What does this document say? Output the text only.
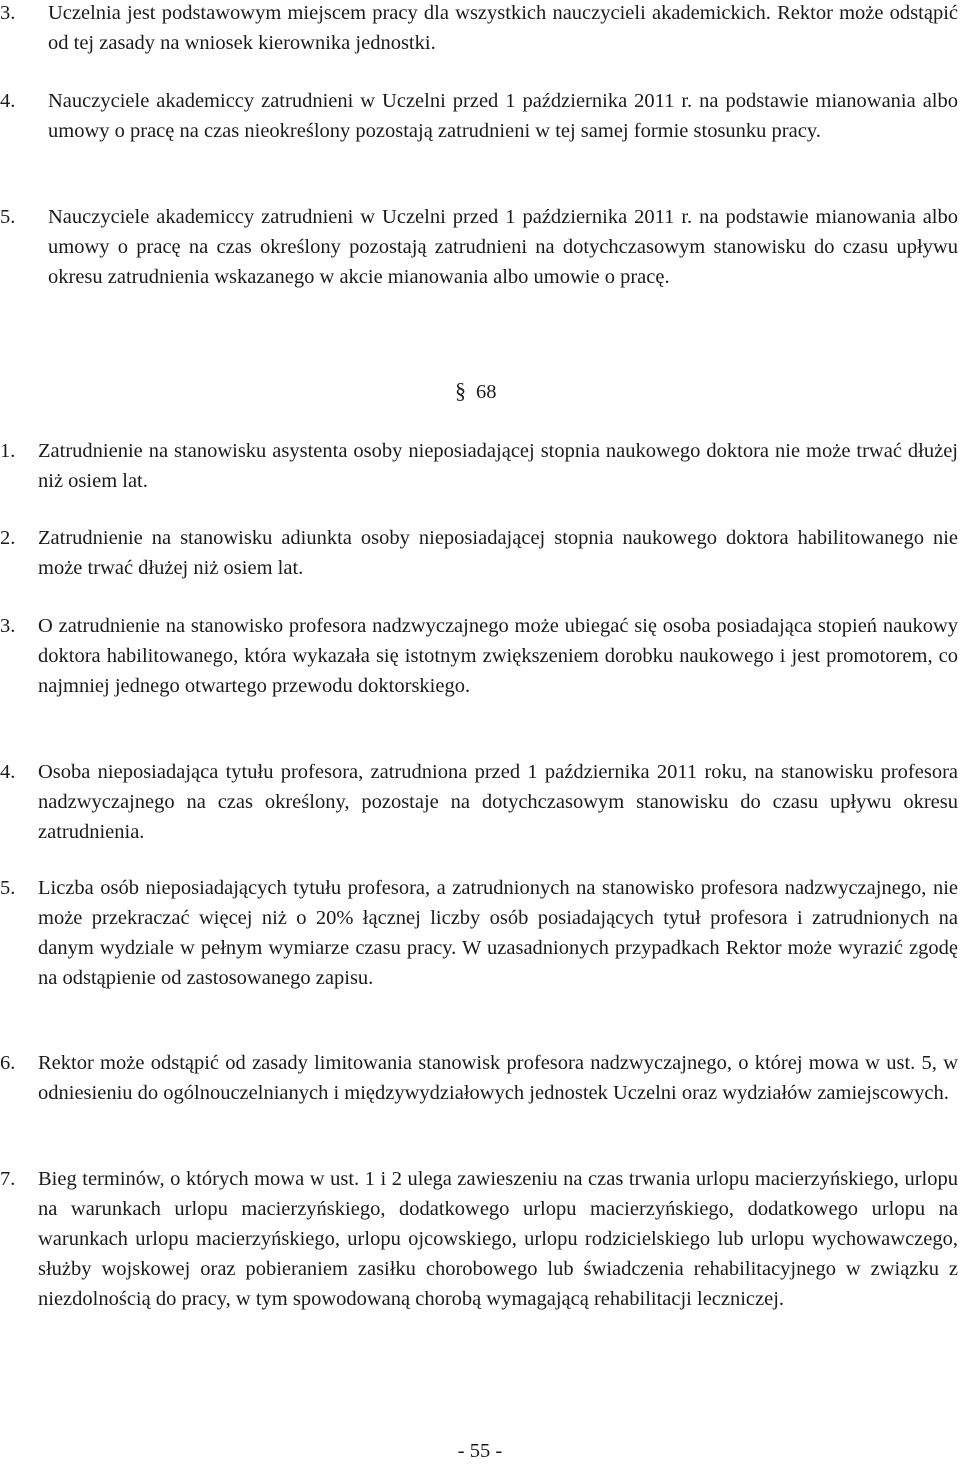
3.	Uczelnia jest podstawowym miejscem pracy dla wszystkich nauczycieli akademickich. Rektor może odstąpić od tej zasady na wniosek kierownika jednostki.
4.	Nauczyciele akademiccy zatrudnieni w Uczelni przed 1 października 2011 r. na podstawie mianowania albo umowy o pracę na czas nieokreślony pozostają zatrudnieni w tej samej formie stosunku pracy.
5.	Nauczyciele akademiccy zatrudnieni w Uczelni przed 1 października 2011 r. na podstawie mianowania albo umowy o pracę na czas określony pozostają zatrudnieni na dotychczasowym stanowisku do czasu upływu okresu zatrudnienia wskazanego w akcie mianowania albo umowie o pracę.
§ 68
1.	Zatrudnienie na stanowisku asystenta osoby nieposiadającej stopnia naukowego doktora nie może trwać dłużej niż osiem lat.
2.	Zatrudnienie na stanowisku adiunkta osoby nieposiadającej stopnia naukowego doktora habilitowanego nie może trwać dłużej niż osiem lat.
3.	O zatrudnienie na stanowisko profesora nadzwyczajnego może ubiegać się osoba posiadająca stopień naukowy doktora habilitowanego, która wykazała się istotnym zwiększeniem dorobku naukowego i jest promotorem, co najmniej jednego otwartego przewodu doktorskiego.
4.	Osoba nieposiadająca tytułu profesora, zatrudniona przed 1 października 2011 roku, na stanowisku profesora nadzwyczajnego na czas określony, pozostaje na dotychczasowym stanowisku do czasu upływu okresu zatrudnienia.
5.	Liczba osób nieposiadających tytułu profesora, a zatrudnionych na stanowisko profesora nadzwyczajnego, nie może przekraczać więcej niż o 20% łącznej liczby osób posiadających tytuł profesora i zatrudnionych na danym wydziale w pełnym wymiarze czasu pracy. W uzasadnionych przypadkach Rektor może wyrazić zgodę na odstąpienie od zastosowanego zapisu.
6.	Rektor może odstąpić od zasady limitowania stanowisk profesora nadzwyczajnego, o której mowa w ust. 5, w odniesieniu do ogólnouczelnianych i międzywydziałowych jednostek Uczelni oraz wydziałów zamiejscowych.
7.	Bieg terminów, o których mowa w ust. 1 i 2 ulega zawieszeniu na czas trwania urlopu macierzyńskiego, urlopu na warunkach urlopu macierzyńskiego, dodatkowego urlopu macierzyńskiego, dodatkowego urlopu na warunkach urlopu macierzyńskiego, urlopu ojcowskiego, urlopu rodzicielskiego lub urlopu wychowawczego, służby wojskowej oraz pobieraniem zasiłku chorobowego lub świadczenia rehabilitacyjnego w związku z niezdolnością do pracy, w tym spowodowaną chorobą wymagającą rehabilitacji leczniczej.
- 55 -
